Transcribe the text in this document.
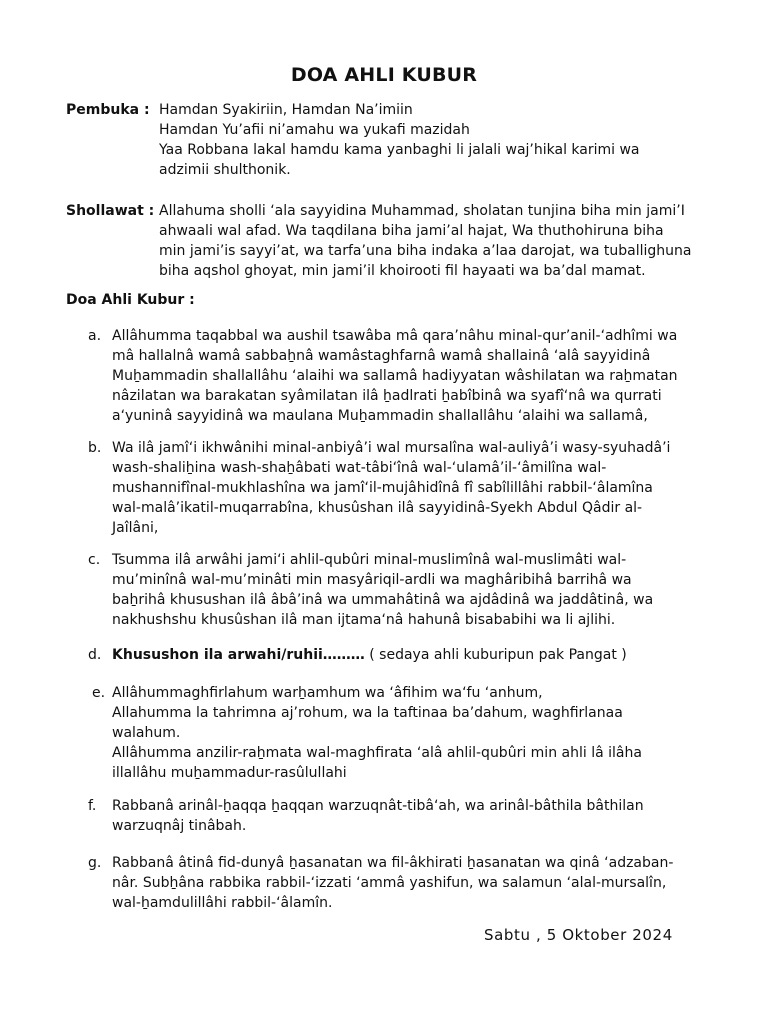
DOA AHLI KUBUR
Pembuka : Hamdan Syakiriin, Hamdan Na’imiin
Hamdan Yu’afii ni’amahu wa yukafi mazidah
Yaa Robbana lakal hamdu kama yanbaghi li jalali waj’hikal karimi wa
adzimii shulthonik.
Shollawat : Allahuma sholli ‘ala sayyidina Muhammad, sholatan tunjina biha min jami’I
ahwaali wal afad. Wa taqdilana biha jami’al hajat, Wa thuthohiruna biha
min jami’is sayyi’at, wa tarfa’una biha indaka a’laa darojat, wa tuballighuna
biha aqshol ghoyat, min jami’il khoirooti fil hayaati wa ba’dal mamat.
Doa Ahli Kubur :
a. Allâhumma taqabbal wa aushil tsawâba mâ qara’nâhu minal-qur’anil-‘adhîmi wa
mâ hallalnâ wamâ sabbaẖnâ wamâstaghfarnâ wamâ shallainâ ‘alâ sayyidinâ
Muẖammadin shallallâhu ‘alaihi wa sallamâ hadiyyatan wâshilatan wa raẖmatan
nâzilatan wa barakatan syâmilatan ilâ ẖadlrati ẖabîbinâ wa syafî‘nâ wa qurrati
a‘yuninâ sayyidinâ wa maulana Muẖammadin shallallâhu ‘alaihi wa sallamâ,
b. Wa ilâ jamî‘i ikhwânihi minal-anbiyâ’i wal mursalîna wal-auliyâ’i wasy-syuhadâ’i
wash-shaliẖina wash-shaẖâbati wat-tâbi‘înâ wal-‘ulamâ’il-‘âmilîna wal-
mushannifînal-mukhlashîna wa jamî‘il-mujâhidînâ fî sabîlillâhi rabbil-‘âlamîna
wal-malâ’ikatil-muqarrabîna, khusûshan ilâ sayyidinâ-Syekh Abdul Qâdir al-
Jaîlâni,
c. Tsumma ilâ arwâhi jami‘i ahlil-qubûri minal-muslimînâ wal-muslimâti wal-
mu’minînâ wal-mu’minâti min masyâriqil-ardli wa maghâribihâ barrihâ wa
baẖrihâ khusushan ilâ âbâ’inâ wa ummahâtinâ wa ajdâdinâ wa jaddâtinâ, wa
nakhushshu khusûshan ilâ man ijtama‘nâ hahunâ bisababihi wa li ajlihi.
d. Khusushon ila arwahi/ruhii……… ( sedaya ahli kuburipun pak Pangat )
e. Allâhummaghfirlahum warẖamhum wa ‘âfihim wa‘fu ‘anhum,
Allahumma la tahrimna aj’rohum, wa la taftinaa ba’dahum, waghfirlanaa
walahum.
Allâhumma anzilir-raẖmata wal-maghfirata ‘alâ ahlil-qubûri min ahli lâ ilâha
illallâhu muẖammadur-rasûlullahi
f.	Rabbanâ arinâl-ẖaqqa ẖaqqan warzuqnât-tibâ‘ah, wa arinâl-bâthila bâthilan
warzuqnâj tinâbah.
g. Rabbanâ âtinâ fid-dunyâ ẖasanatan wa fil-âkhirati ẖasanatan wa qinâ ‘adzaban-
nâr. Subẖâna rabbika rabbil-‘izzati ‘ammâ yashifun, wa salamun ‘alal-mursalîn,
wal-ẖamdulillâhi rabbil-‘âlamîn.
Sabtu , 5 Oktober 2024
